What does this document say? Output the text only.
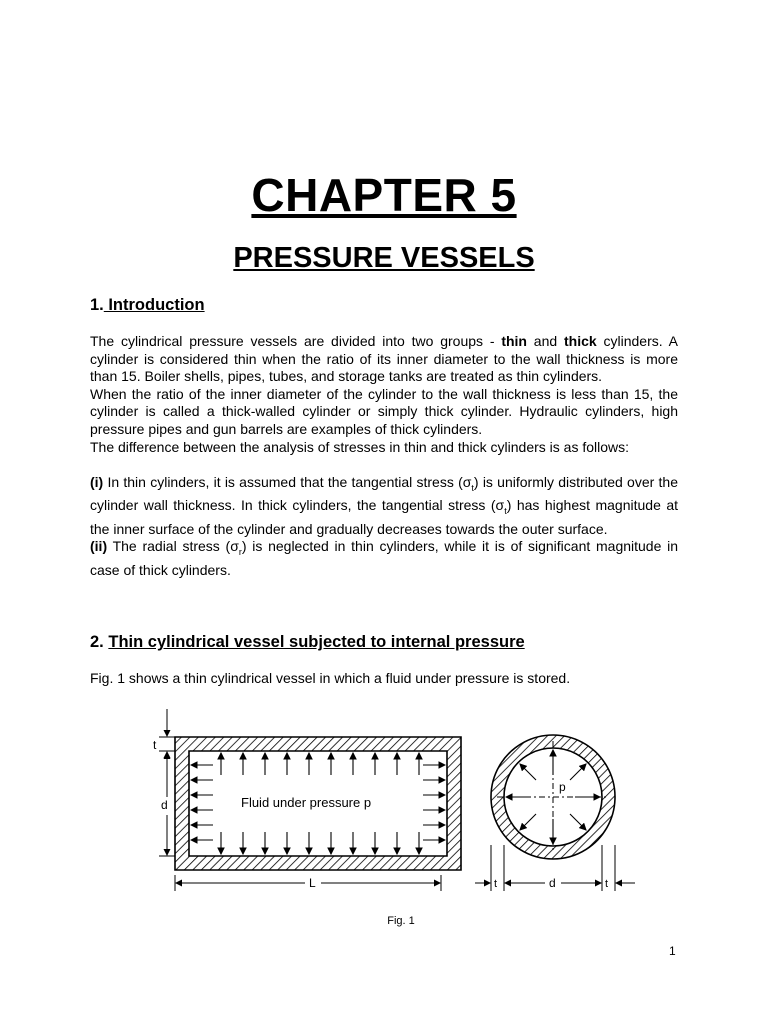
CHAPTER 5
PRESSURE VESSELS
1. Introduction

The cylindrical pressure vessels are divided into two groups - thin and thick cylinders. A cylinder is considered thin when the ratio of its inner diameter to the wall thickness is more than 15. Boiler shells, pipes, tubes, and storage tanks are treated as thin cylinders.

When the ratio of the inner diameter of the cylinder to the wall thickness is less than 15, the cylinder is called a thick-walled cylinder or simply thick cylinder. Hydraulic cylinders, high pressure pipes and gun barrels are examples of thick cylinders.

The difference between the analysis of stresses in thin and thick cylinders is as follows:

(i) In thin cylinders, it is assumed that the tangential stress $(\sigma_t)$ is uniformly distributed over the cylinder wall thickness. In thick cylinders, the tangential stress $(\sigma_t)$ has highest magnitude at the inner surface of the cylinder and gradually decreases towards the outer surface.

(ii) The radial stress $(\sigma_r)$ is neglected in thin cylinders, while it is of significant magnitude in case of thick cylinders.

2. Thin cylindrical vessel subjected to internal pressure

Fig. 1 shows a thin cylindrical vessel in which a fluid under pressure is stored.

Fluid under pressure p
t
d
L
p
t	d	t
Fig. 1
1
